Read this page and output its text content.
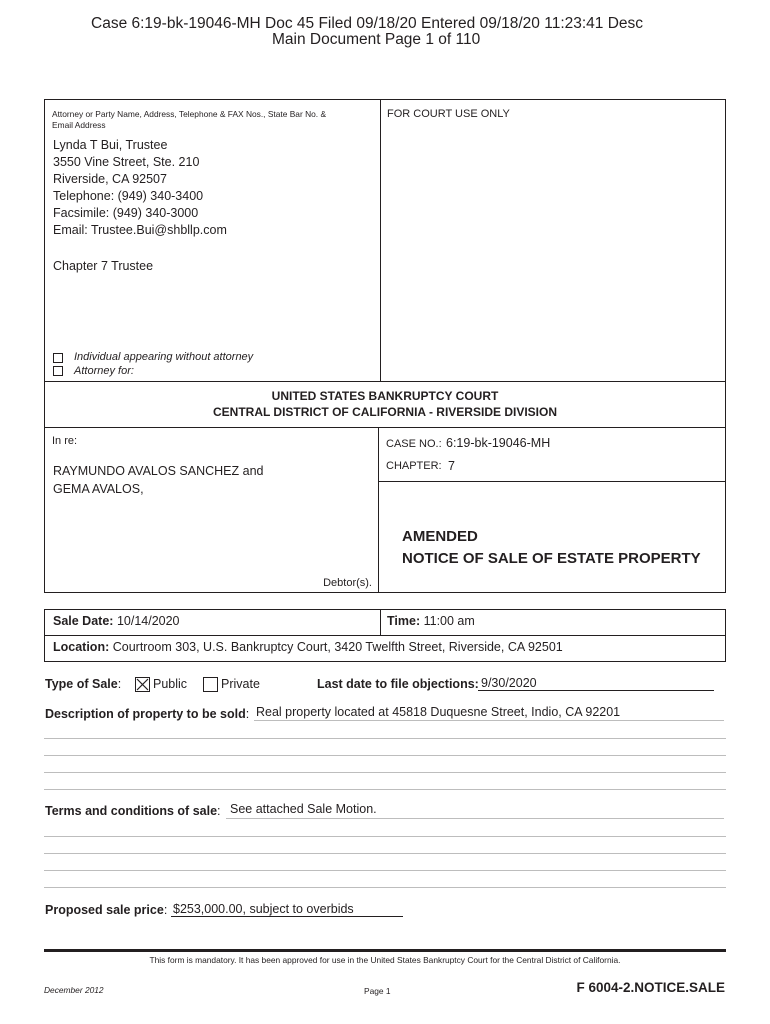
Case 6:19-bk-19046-MH Doc 45 Filed 09/18/20 Entered 09/18/20 11:23:41 Desc
Main Document Page 1 of 110
Attorney or Party Name, Address, Telephone & FAX Nos., State Bar No. &
Email Address
Lynda T Bui, Trustee
3550 Vine Street, Ste. 210
Riverside, CA 92507
Telephone: (949) 340-3400
Facsimile: (949) 340-3000
Email: Trustee.Bui@shbllp.com
Chapter 7 Trustee
Individual appearing without attorney
Attorney for:
FOR COURT USE ONLY
UNITED STATES BANKRUPTCY COURT
CENTRAL DISTRICT OF CALIFORNIA - RIVERSIDE DIVISION
In re:
RAYMUNDO AVALOS SANCHEZ and
GEMA AVALOS,
Debtor(s).
CASE NO.: 6:19-bk-19046-MH
CHAPTER: 7
AMENDED
NOTICE OF SALE OF ESTATE PROPERTY
Sale Date: 10/14/2020	Time: 11:00 am
Location: Courtroom 303, U.S. Bankruptcy Court, 3420 Twelfth Street, Riverside, CA 92501
Type of Sale:	Public	Private	Last date to file objections: 9/30/2020
Description of property to be sold: Real property located at 45818 Duquesne Street, Indio, CA 92201
Terms and conditions of sale: See attached Sale Motion.
Proposed sale price: $253,000.00, subject to overbids
This form is mandatory. It has been approved for use in the United States Bankruptcy Court for the Central District of California.
December 2012	Page 1	F 6004-2.NOTICE.SALE
